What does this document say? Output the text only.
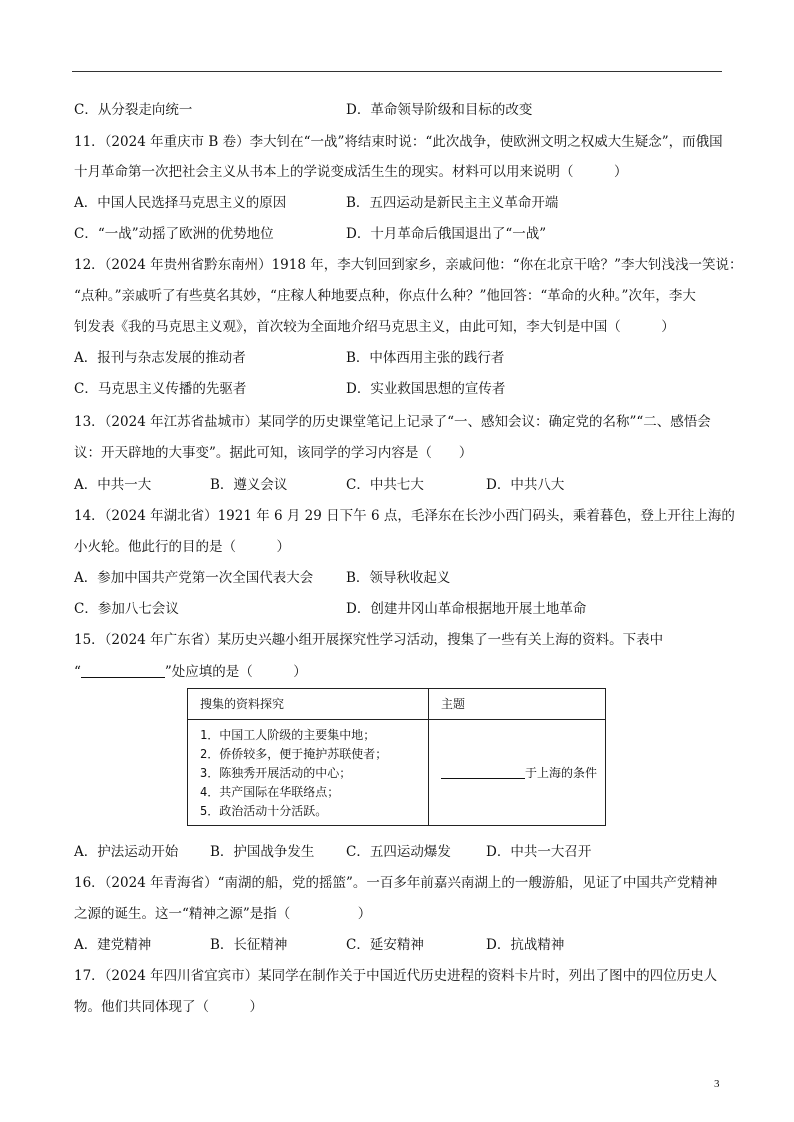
C．从分裂走向统一	D．革命领导阶级和目标的改变
11．（2024 年重庆市 B 卷）李大钊在“一战”将结束时说：“此次战争，使欧洲文明之权威大生疑念”，而俄国
十月革命第一次把社会主义从书本上的学说变成活生生的现实。材料可以用来说明（　　　）
A．中国人民选择马克思主义的原因	B．五四运动是新民主主义革命开端
C．“一战”动摇了欧洲的优势地位	D．十月革命后俄国退出了“一战”
12．（2024 年贵州省黔东南州）1918 年，李大钊回到家乡，亲戚问他：“你在北京干啥？”李大钊浅浅一笑说：
“点种。”亲戚听了有些莫名其妙，“庄稼人种地要点种，你点什么种？”他回答：“革命的火种。”次年，李大
钊发表《我的马克思主义观》，首次较为全面地介绍马克思主义，由此可知，李大钊是中国（　　　）
A．报刊与杂志发展的推动者	B．中体西用主张的践行者
C．马克思主义传播的先驱者	D．实业救国思想的宣传者
13．（2024 年江苏省盐城市）某同学的历史课堂笔记上记录了“一、感知会议：确定党的名称”“二、感悟会
议：开天辟地的大事变”。据此可知，该同学的学习内容是（　　）
A．中共一大	B．遵义会议	C．中共七大	D．中共八大
14．（2024 年湖北省）1921 年 6 月 29 日下午 6 点，毛泽东在长沙小西门码头，乘着暮色，登上开往上海的
小火轮。他此行的目的是（　　　）
A．参加中国共产党第一次全国代表大会 B．领导秋收起义
C．参加八七会议	D．创建井冈山革命根据地开展土地革命
15．（2024 年广东省）某历史兴趣小组开展探究性学习活动，搜集了一些有关上海的资料。下表中
“	”处应填的是（　　　）
搜集的资料探究	主题

1．中国工人阶级的主要集中地；
2．侨侨较多，便于掩护苏联使者；
3．陈独秀开展活动的中心；
4．共产国际在华联络点；
5．政治活动十分活跃。	于上海的条件
A．护法运动开始 B．护国战争发生 C．五四运动爆发	D．中共一大召开
16．（2024 年青海省）“南湖的船，党的摇篮”。一百多年前嘉兴南湖上的一艘游船，见证了中国共产党精神
之源的诞生。这一“精神之源”是指（　　　　　）
A．建党精神	B．长征精神	C．延安精神	D．抗战精神
17．（2024 年四川省宜宾市）某同学在制作关于中国近代历史进程的资料卡片时，列出了图中的四位历史人
物。他们共同体现了（　　　）
3
